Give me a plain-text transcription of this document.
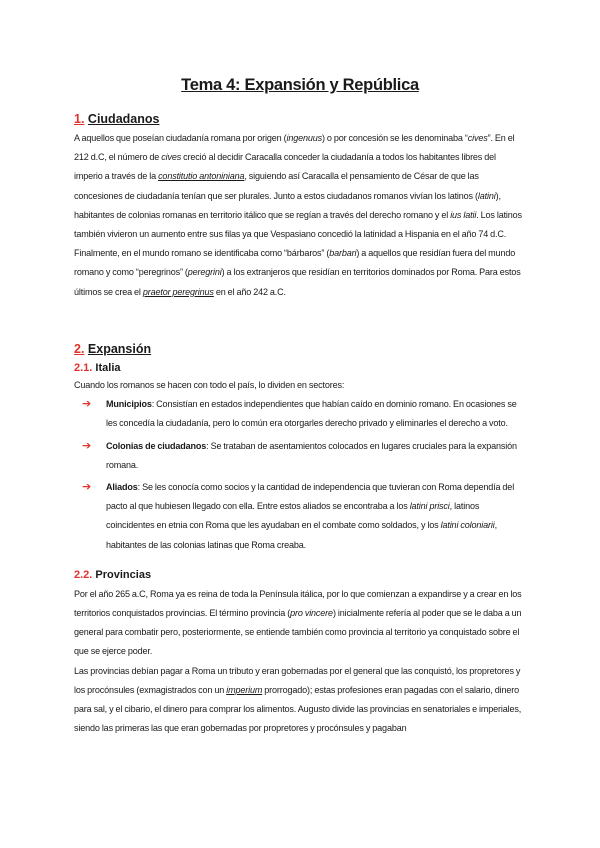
Tema 4: Expansión y República
1. Ciudadanos

A aquellos que poseían ciudadanía romana por origen (ingenuus) o por concesión se les denominaba “cives”. En el 212 d.C, el número de cives creció al decidir Caracalla conceder la ciudadanía a todos los habitantes libres del imperio a través de la constitutio antoniniana, siguiendo así Caracalla el pensamiento de César de que las concesiones de ciudadanía tenían que ser plurales. Junto a estos ciudadanos romanos vivían los latinos (latini), habitantes de colonias romanas en territorio itálico que se regían a través del derecho romano y el ius latii. Los latinos también vivieron un aumento entre sus filas ya que Vespasiano concedió la latinidad a Hispania en el año 74 d.C.

Finalmente, en el mundo romano se identificaba como “bárbaros” (barbari) a aquellos que residían fuera del mundo romano y como “peregrinos” (peregrini) a los extranjeros que residían en territorios dominados por Roma. Para estos últimos se crea el praetor peregrinus en el año 242 a.C.

2. Expansión
2.1. Italia

Cuando los romanos se hacen con todo el país, lo dividen en sectores:

➔ Municipios: Consistían en estados independientes que habían caído en dominio romano. En ocasiones se les concedía la ciudadanía, pero lo común era otorgarles derecho privado y eliminarles el derecho a voto.
➔ Colonias de ciudadanos: Se trataban de asentamientos colocados en lugares cruciales para la expansión romana.
➔ Aliados: Se les conocía como socios y la cantidad de independencia que tuvieran con Roma dependía del pacto al que hubiesen llegado con ella. Entre estos aliados se encontraba a los latini prisci, latinos coincidentes en etnia con Roma que les ayudaban en el combate como soldados, y los latini coloniarii, habitantes de las colonias latinas que Roma creaba.
2.2. Provincias

Por el año 265 a.C, Roma ya es reina de toda la Península itálica, por lo que comienzan a expandirse y a crear en los territorios conquistados provincias. El término provincia (pro vincere) inicialmente refería al poder que se le daba a un general para combatir pero, posteriormente, se entiende también como provincia al territorio ya conquistado sobre el que se ejerce poder.

Las provincias debían pagar a Roma un tributo y eran gobernadas por el general que las conquistó, los propretores y los procónsules (exmagistrados con un imperium prorrogado); estas profesiones eran pagadas con el salario, dinero para sal, y el cibario, el dinero para comprar los alimentos. Augusto divide las provincias en senatoriales e imperiales, siendo las primeras las que eran gobernadas por propretores y procónsules y pagaban
